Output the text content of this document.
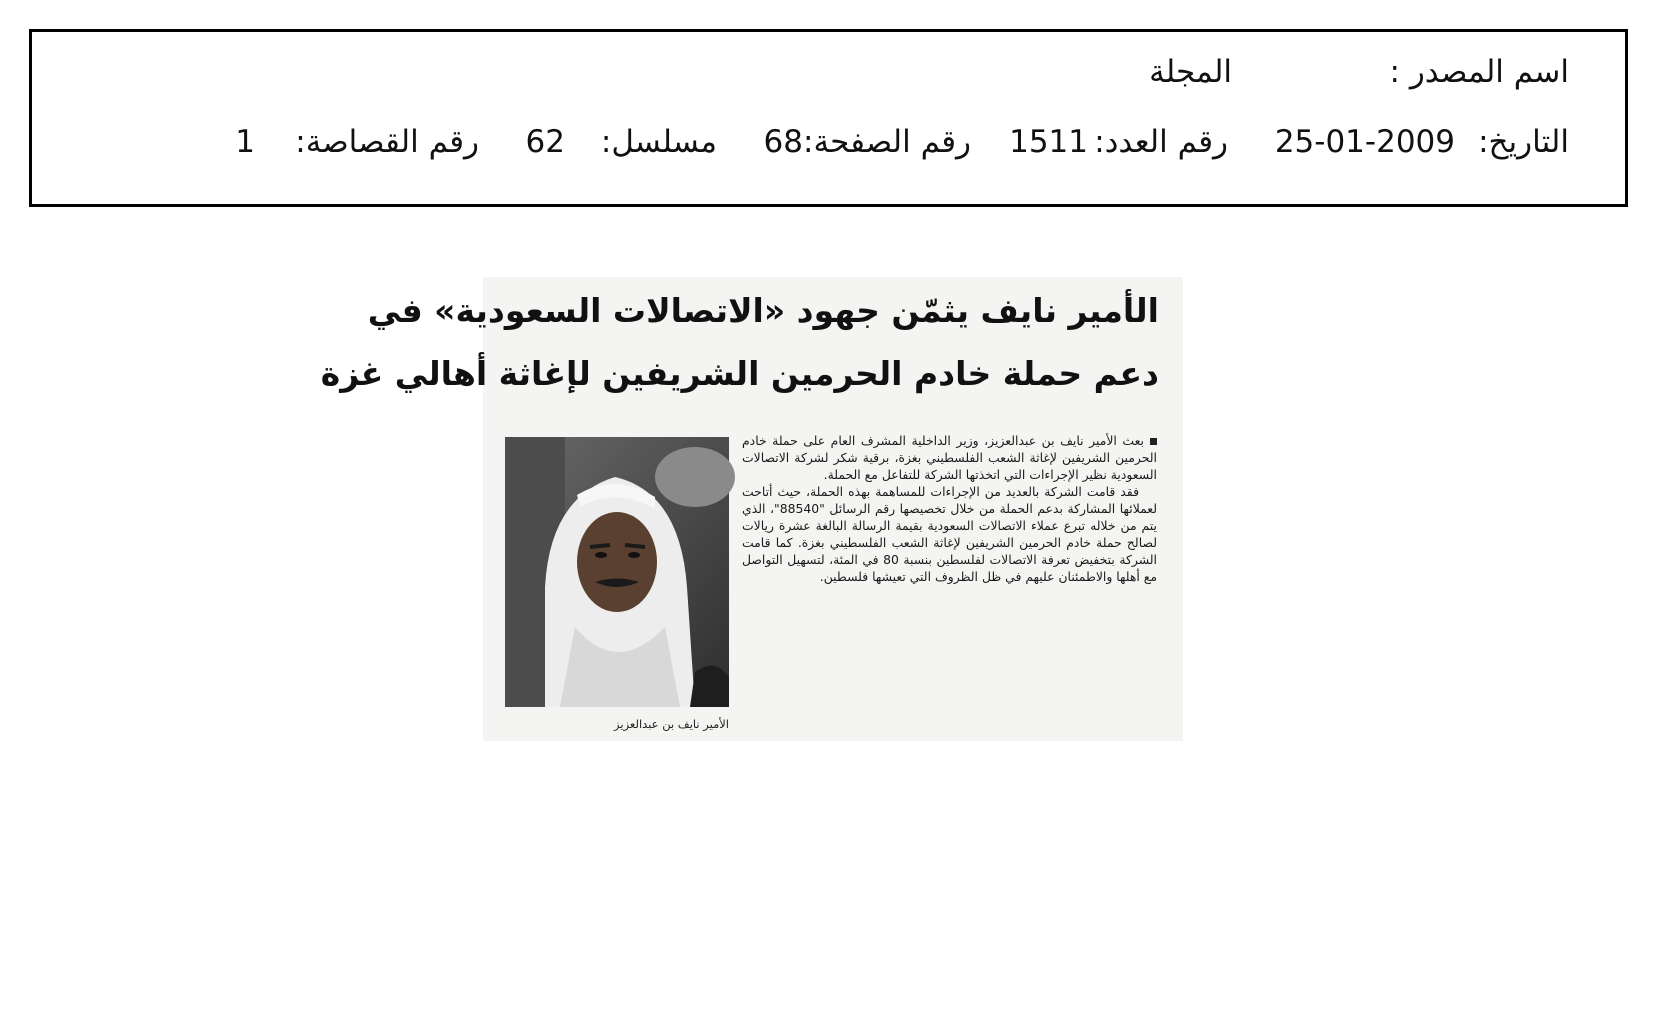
اسم المصدر :
المجلة
التاريخ:
25-01-2009
رقم العدد:
1511
رقم الصفحة:
68
مسلسل:
62
رقم القصاصة:
1
الأمير نايف يثمّن جهود «الاتصالات السعودية» في
دعم حملة خادم الحرمين الشريفين لإغاثة أهالي غزة

بعث الأمير نايف بن عبدالعزيز، وزير الداخلية المشرف العام على حملة خادم الحرمين الشريفين لإغاثة الشعب الفلسطيني بغزة، برقية شكر لشركة الاتصالات السعودية نظير الإجراءات التي اتخذتها الشركة للتفاعل مع الحملة.

فقد قامت الشركة بالعديد من الإجراءات للمساهمة بهذه الحملة، حيث أتاحت لعملائها المشاركة بدعم الحملة من خلال تخصيصها رقم الرسائل "88540"، الذي يتم من خلاله تبرع عملاء الاتصالات السعودية بقيمة الرسالة البالغة عشرة ريالات لصالح حملة خادم الحرمين الشريفين لإغاثة الشعب الفلسطيني بغزة. كما قامت الشركة بتخفيض تعرفة الاتصالات لفلسطين بنسبة 80 في المئة، لتسهيل التواصل مع أهلها والاطمئنان عليهم في ظل الظروف التي تعيشها فلسطين.

الأمير نايف بن عبدالعزيز
